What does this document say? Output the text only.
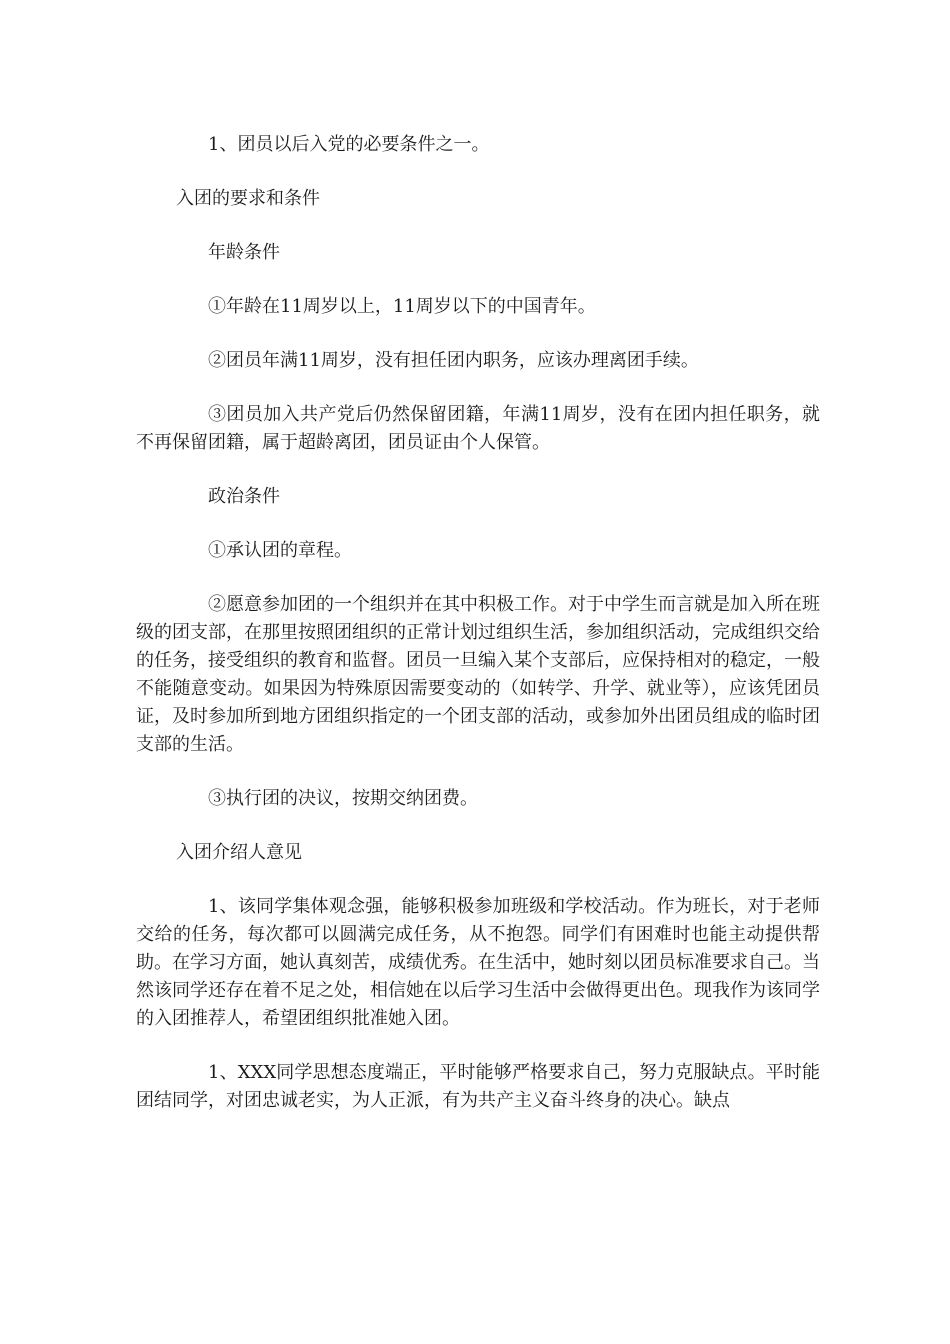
1、团员以后入党的必要条件之一。

入团的要求和条件

年龄条件

①年龄在11周岁以上，11周岁以下的中国青年。

②团员年满11周岁，没有担任团内职务，应该办理离团手续。

③团员加入共产党后仍然保留团籍，年满11周岁，没有在团内担任职务，就不再保留团籍，属于超龄离团，团员证由个人保管。

政治条件

①承认团的章程。

②愿意参加团的一个组织并在其中积极工作。对于中学生而言就是加入所在班级的团支部，在那里按照团组织的正常计划过组织生活，参加组织活动，完成组织交给的任务，接受组织的教育和监督。团员一旦编入某个支部后，应保持相对的稳定，一般不能随意变动。如果因为特殊原因需要变动的（如转学、升学、就业等），应该凭团员证，及时参加所到地方团组织指定的一个团支部的活动，或参加外出团员组成的临时团支部的生活。

③执行团的决议，按期交纳团费。

入团介绍人意见

1、该同学集体观念强，能够积极参加班级和学校活动。作为班长，对于老师交给的任务，每次都可以圆满完成任务，从不抱怨。同学们有困难时也能主动提供帮助。在学习方面，她认真刻苦，成绩优秀。在生活中，她时刻以团员标准要求自己。当然该同学还存在着不足之处，相信她在以后学习生活中会做得更出色。现我作为该同学的入团推荐人，希望团组织批准她入团。

1、XXX同学思想态度端正，平时能够严格要求自己，努力克服缺点。平时能团结同学，对团忠诚老实，为人正派，有为共产主义奋斗终身的决心。缺点
